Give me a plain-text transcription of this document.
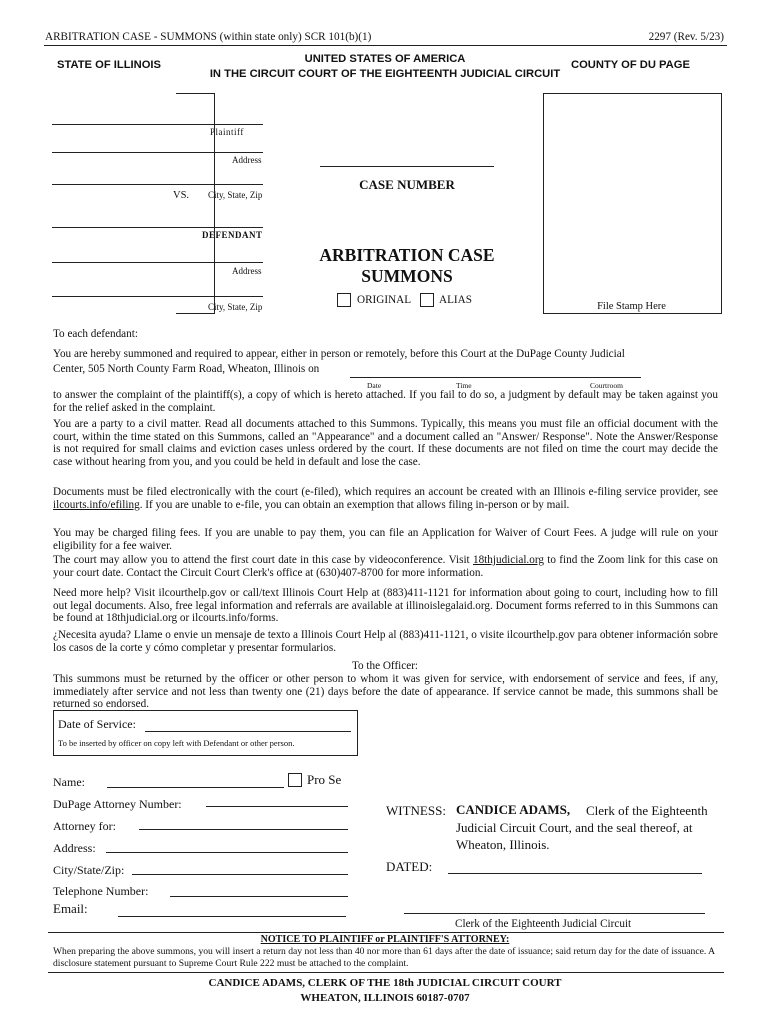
ARBITRATION CASE - SUMMONS (within state only) SCR 101(b)(1)	2297 (Rev. 5/23)
STATE OF ILLINOIS	UNITED STATES OF AMERICA
IN THE CIRCUIT COURT OF THE EIGHTEENTH JUDICIAL CIRCUIT
COUNTY OF DU PAGE
Plaintiff
Address
VS. City, State, Zip
DEFENDANT
Address
City, State, Zip
CASE NUMBER
ARBITRATION CASE
SUMMONS
ORIGINAL ALIAS
File Stamp Here
To each defendant:
You are hereby summoned and required to appear, either in person or remotely, before this Court at the DuPage County Judicial
Center, 505 North County Farm Road, Wheaton, Illinois on
Date	Time	Courtroom
to answer the complaint of the plaintiff(s), a copy of which is hereto attached. If you fail to do so, a judgment by default may be taken against you for the relief asked in the complaint.
You are a party to a civil matter. Read all documents attached to this Summons. Typically, this means you must file an official document with the court, within the time stated on this Summons, called an "Appearance" and a document called an "Answer/ Response". Note the Answer/Response is not required for small claims and eviction cases unless ordered by the court. If these documents are not filed on time the court may decide the case without hearing from you, and you could be held in default and lose the case.
Documents must be filed electronically with the court (e-filed), which requires an account be created with an Illinois e-filing service provider, see ilcourts.info/efiling. If you are unable to e-file, you can obtain an exemption that allows filing in-person or by mail.
You may be charged filing fees. If you are unable to pay them, you can file an Application for Waiver of Court Fees. A judge will rule on your eligibility for a fee waiver.
The court may allow you to attend the first court date in this case by videoconference. Visit 18thjudicial.org to find the Zoom link for this case on your court date. Contact the Circuit Court Clerk's office at (630)407-8700 for more information.
Need more help? Visit ilcourthelp.gov or call/text Illinois Court Help at (883)411-1121 for information about going to court, including how to fill out legal documents. Also, free legal information and referrals are available at illinoislegalaid.org. Document forms referred to in this Summons can be found at 18thjudicial.org or ilcourts.info/forms.
¿Necesita ayuda? Llame o envie un mensaje de texto a Illinois Court Help al (883)411-1121, o visite ilcourthelp.gov para obtener información sobre los casos de la corte y cómo completar y presentar formularios.
To the Officer:
This summons must be returned by the officer or other person to whom it was given for service, with endorsement of service and fees, if any, immediately after service and not less than twenty one (21) days before the date of appearance. If service cannot be made, this summons shall be returned so endorsed.
Date of Service:
To be inserted by officer on copy left with Defendant or other person.
Name:	Pro Se
DuPage Attorney Number:
Attorney for:
Address:
City/State/Zip:
Telephone Number:
Email:
WITNESS: CANDICE ADAMS, Clerk of the Eighteenth
Judicial Circuit Court, and the seal thereof, at
Wheaton, Illinois.
DATED:
Clerk of the Eighteenth Judicial Circuit
NOTICE TO PLAINTIFF or PLAINTIFF'S ATTORNEY:
When preparing the above summons, you will insert a return day not less than 40 nor more than 61 days after the date of issuance; said return day for the date of issuance. A disclosure statement pursuant to Supreme Court Rule 222 must be attached to the complaint.
CANDICE ADAMS, CLERK OF THE 18th JUDICIAL CIRCUIT COURT
WHEATON, ILLINOIS 60187-0707
